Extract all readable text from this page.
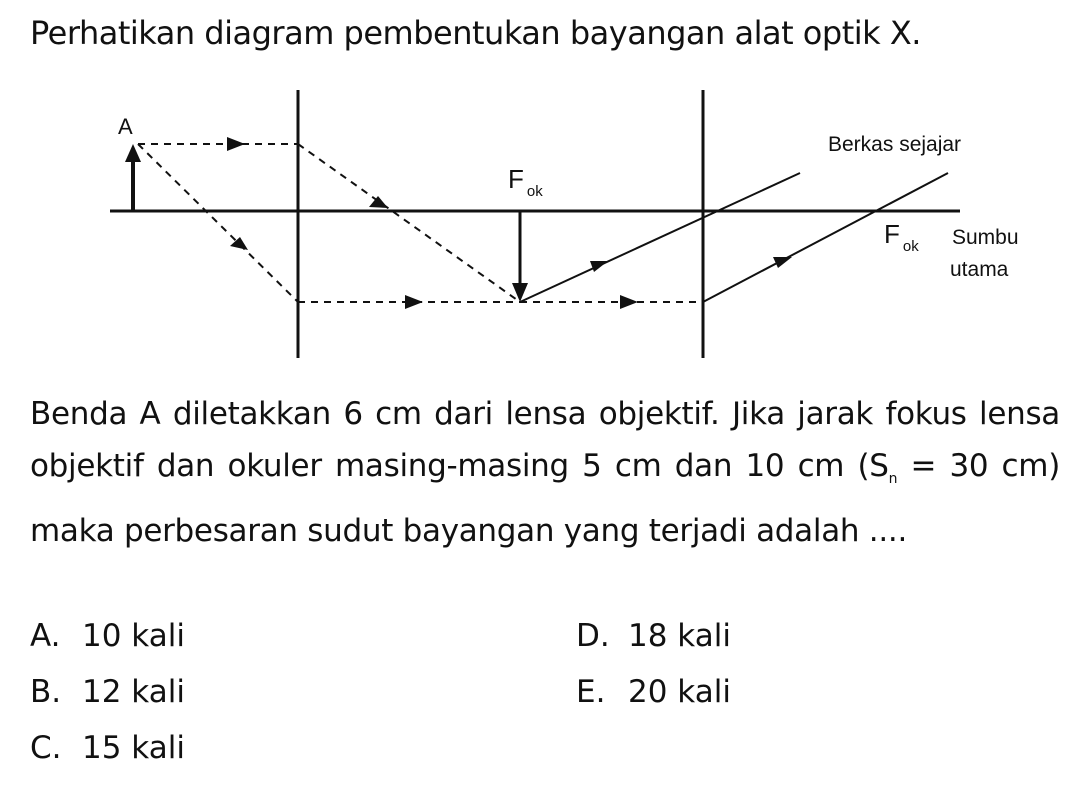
Perhatikan diagram pembentukan bayangan alat optik X.
A
F $_{ok}$
F $_{ok}$
Berkas sejajar
Sumbu
utama
Benda A diletakkan 6 cm dari lensa objektif. Jika jarak fokus lensa objektif dan okuler masing-masing 5 cm dan 10 cm ($S_n = 30$ cm) maka perbesaran sudut bayangan yang terjadi adalah ....
A. 10 kali
B. 12 kali
C. 15 kali
D. 18 kali
E. 20 kali
